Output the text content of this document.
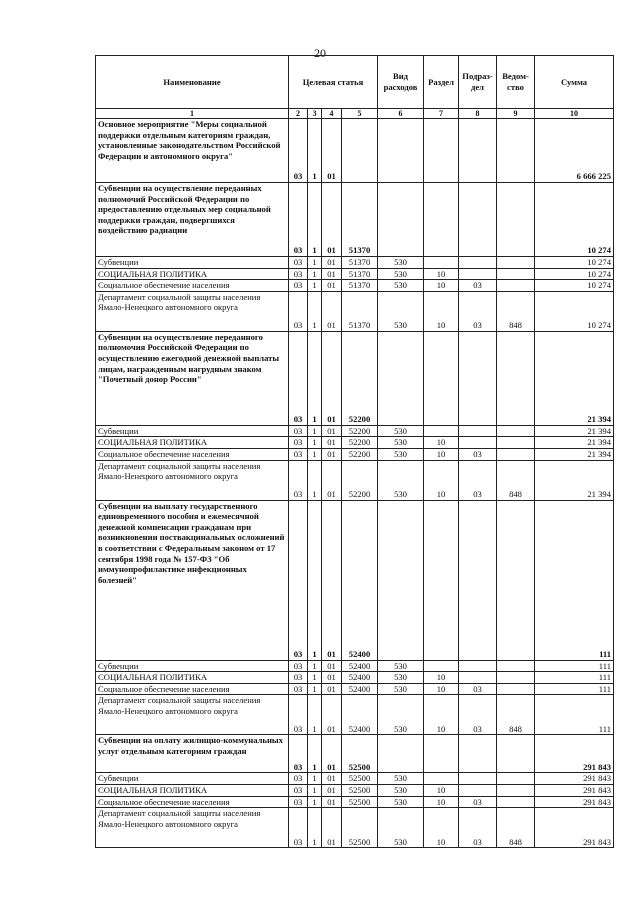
20
Наименование	Целевая статья				Вид расходов	Раздел	Подраз- дел	Ведом- ство	Сумма
1	2	3	4	5	6	7	8	9	10
Основное мероприятие "Меры социальной поддержки отдельным категориям граждан, установленные законодательством Российской Федерации и автономного округа"	03	1	01						6 666 225
Субвенции на осуществление переданных полномочий Российской Федерации по предоставлению отдельных мер социальной поддержки граждан, подвергшихся воздействию радиации	03	1	01	51370					10 274
Субвенции	03	1	01	51370	530				10 274
СОЦИАЛЬНАЯ ПОЛИТИКА	03	1	01	51370	530	10			10 274
Социальное обеспечение населения	03	1	01	51370	530	10	03		10 274
Департамент социальной защиты населения Ямало-Ненецкого автономного округа	03	1	01	51370	530	10	03	848	10 274
Субвенции на осуществление переданного полномочия Российской Федерации по осуществлению ежегодной денежной выплаты лицам, награжденным нагрудным знаком "Почетный донор России"	03	1	01	52200					21 394
Субвенции	03	1	01	52200	530				21 394
СОЦИАЛЬНАЯ ПОЛИТИКА	03	1	01	52200	530	10			21 394
Социальное обеспечение населения	03	1	01	52200	530	10	03		21 394
Департамент социальной защиты населения Ямало-Ненецкого автономного округа	03	1	01	52200	530	10	03	848	21 394
Субвенции на выплату государственного единовременного пособия и ежемесячной денежной компенсации гражданам при возникновении поствакцинальных осложнений в соответствии с Федеральным законом от 17 сентября 1998 года № 157-ФЗ "Об иммунопрофилактике инфекционных болезней"	03	1	01	52400					111
Субвенции	03	1	01	52400	530				111
СОЦИАЛЬНАЯ ПОЛИТИКА	03	1	01	52400	530	10			111
Социальное обеспечение населения	03	1	01	52400	530	10	03		111
Департамент социальной защиты населения Ямало-Ненецкого автономного округа	03	1	01	52400	530	10	03	848	111
Субвенции на оплату жилищно-коммунальных услуг отдельным категориям граждан	03	1	01	52500					291 843
Субвенции	03	1	01	52500	530				291 843
СОЦИАЛЬНАЯ ПОЛИТИКА	03	1	01	52500	530	10			291 843
Социальное обеспечение населения	03	1	01	52500	530	10	03		291 843
Департамент социальной защиты населения Ямало-Ненецкого автономного округа	03	1	01	52500	530	10	03	848	291 843
